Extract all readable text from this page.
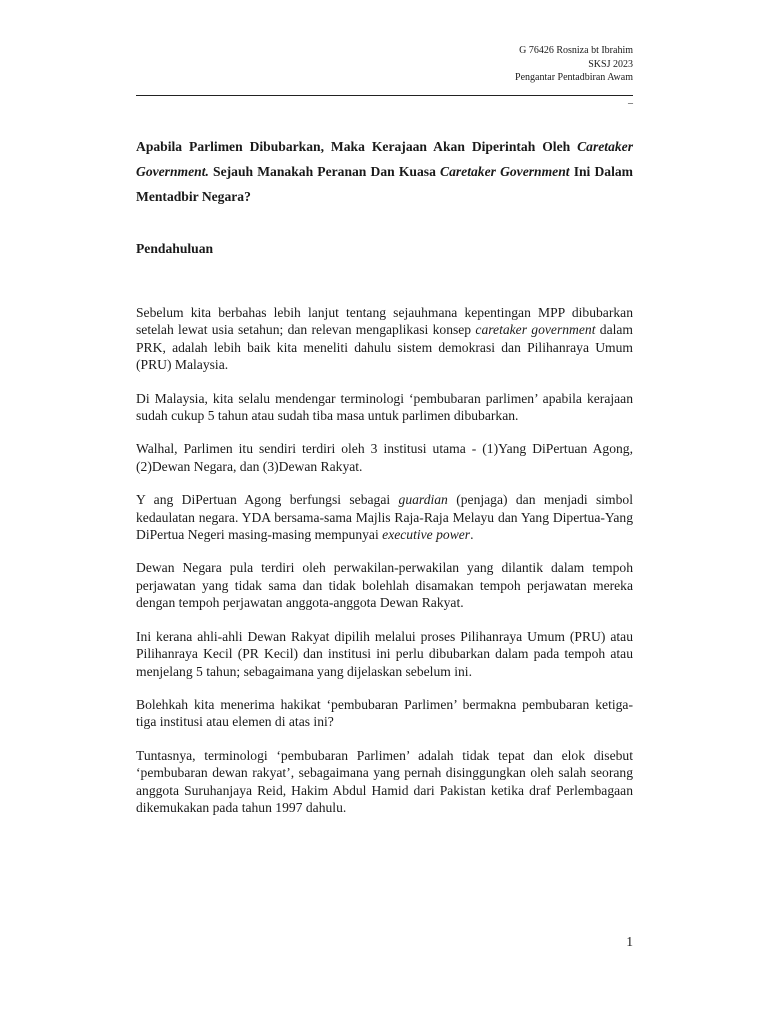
G 76426 Rosniza bt Ibrahim
SKSJ 2023
Pengantar Pentadbiran Awam
–
Apabila Parlimen Dibubarkan, Maka Kerajaan Akan Diperintah Oleh Caretaker Government. Sejauh Manakah Peranan Dan Kuasa Caretaker Government Ini Dalam Mentadbir Negara?
Pendahuluan

Sebelum kita berbahas lebih lanjut tentang sejauhmana kepentingan MPP dibubarkan setelah lewat usia setahun; dan relevan mengaplikasi konsep caretaker government dalam PRK, adalah lebih baik kita meneliti dahulu sistem demokrasi dan Pilihanraya Umum (PRU) Malaysia.

Di Malaysia, kita selalu mendengar terminologi ‘pembubaran parlimen’ apabila kerajaan sudah cukup 5 tahun atau sudah tiba masa untuk parlimen dibubarkan.

Walhal, Parlimen itu sendiri terdiri oleh 3 institusi utama - (1)Yang DiPertuan Agong, (2)Dewan Negara, dan (3)Dewan Rakyat.

Y ang DiPertuan Agong berfungsi sebagai guardian (penjaga) dan menjadi simbol kedaulatan negara. YDA bersama-sama Majlis Raja-Raja Melayu dan Yang Dipertua-Yang DiPertua Negeri masing-masing mempunyai executive power.

Dewan Negara pula terdiri oleh perwakilan-perwakilan yang dilantik dalam tempoh perjawatan yang tidak sama dan tidak bolehlah disamakan tempoh perjawatan mereka dengan tempoh perjawatan anggota-anggota Dewan Rakyat.

Ini kerana ahli-ahli Dewan Rakyat dipilih melalui proses Pilihanraya Umum (PRU) atau Pilihanraya Kecil (PR Kecil) dan institusi ini perlu dibubarkan dalam pada tempoh atau menjelang 5 tahun; sebagaimana yang dijelaskan sebelum ini.

Bolehkah kita menerima hakikat ‘pembubaran Parlimen’ bermakna pembubaran ketiga-tiga institusi atau elemen di atas ini?

Tuntasnya, terminologi ‘pembubaran Parlimen’ adalah tidak tepat dan elok disebut ‘pembubaran dewan rakyat’, sebagaimana yang pernah disinggungkan oleh salah seorang anggota Suruhanjaya Reid, Hakim Abdul Hamid dari Pakistan ketika draf Perlembagaan dikemukakan pada tahun 1997 dahulu.

1
